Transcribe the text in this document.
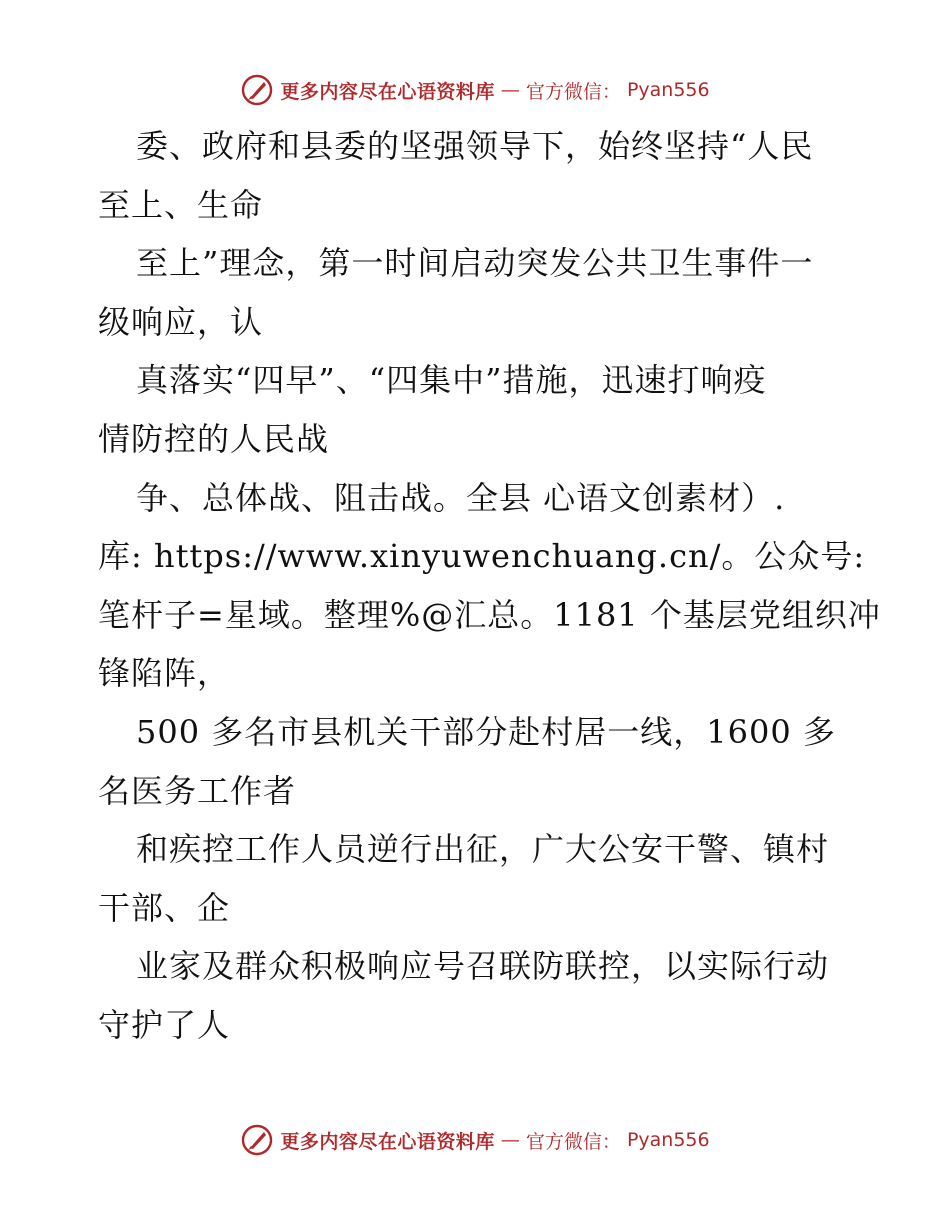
更多内容尽在心语资料库 — 官方微信： Pyan556
委、政府和县委的坚强领导下，始终坚持“人民
至上、生命
至上”理念，第一时间启动突发公共卫生事件一
级响应，认
真落实“四早”、“四集中”措施，迅速打响疫
情防控的人民战
争、总体战、阻击战。全县 心语文创素材）.
库: https://www.xinyuwenchuang.cn/。公众号:
笔杆子=星域。整理%@汇总。1181 个基层党组织冲
锋陷阵，
500 多名市县机关干部分赴村居一线，1600 多
名医务工作者
和疾控工作人员逆行出征，广大公安干警、镇村
干部、企
业家及群众积极响应号召联防联控，以实际行动
守护了人
更多内容尽在心语资料库 — 官方微信： Pyan556
